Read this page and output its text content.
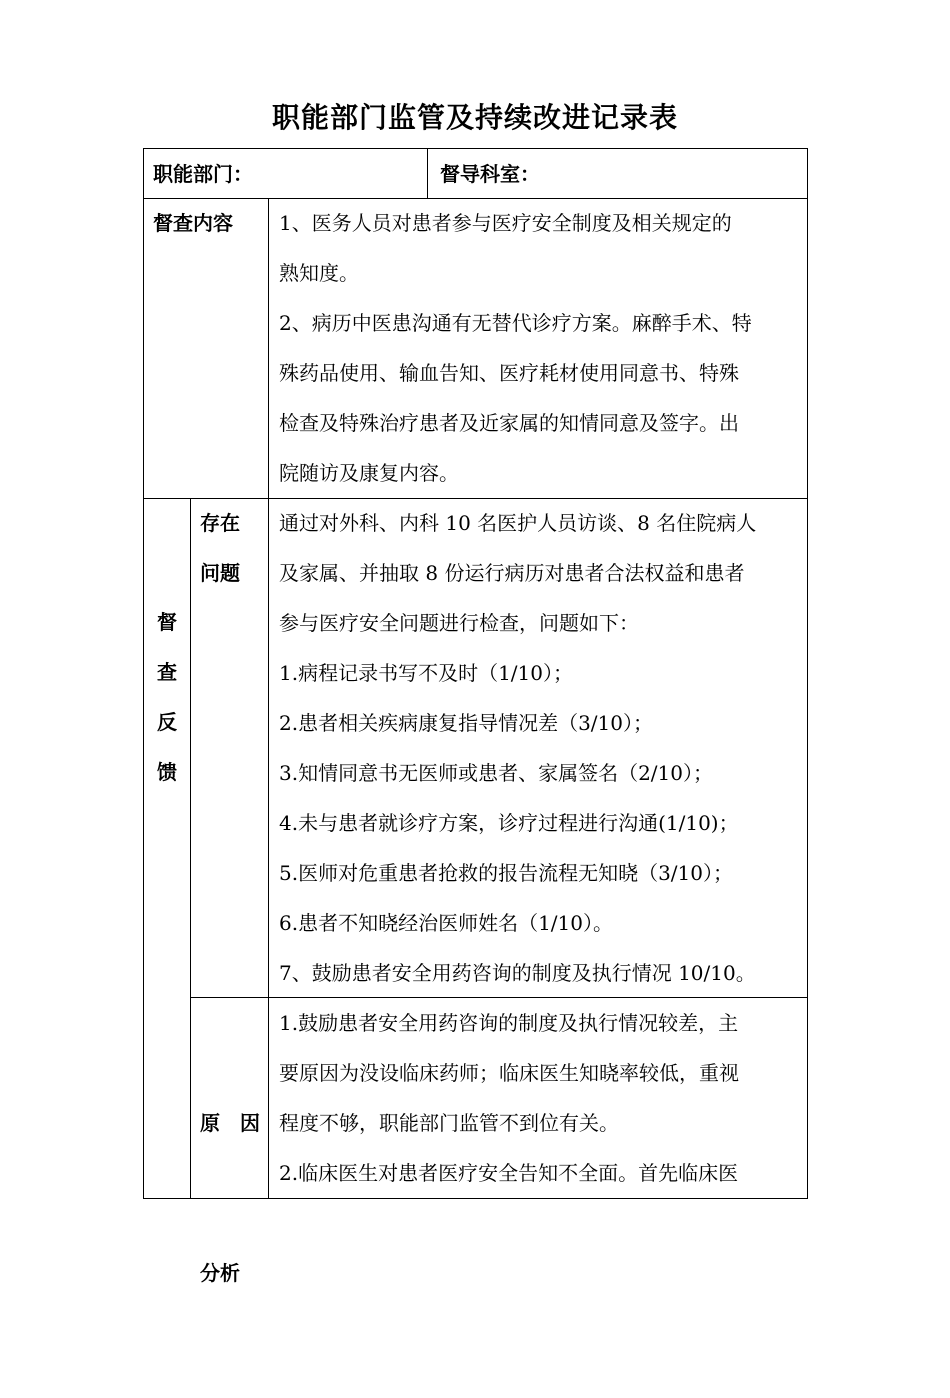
职能部门监管及持续改进记录表
职能部门：	督导科室：
督查内容 1、医务人员对患者参与医疗安全制度及相关规定的

熟知度。

2、病历中医患沟通有无替代诊疗方案。麻醉手术、特

殊药品使用、输血告知、医疗耗材使用同意书、特殊

检查及特殊治疗患者及近家属的知情同意及签字。出

院随访及康复内容。

督
查
反
馈
存在
问题

通过对外科、内科 10 名医护人员访谈、8 名住院病人

及家属、并抽取 8 份运行病历对患者合法权益和患者

参与医疗安全问题进行检查，问题如下：

1.病程记录书写不及时（1/10）；

2.患者相关疾病康复指导情况差（3/10）；

3.知情同意书无医师或患者、家属签名（2/10）；

4.未与患者就诊疗方案，诊疗过程进行沟通(1/10)；

5.医师对危重患者抢救的报告流程无知晓（3/10）；

6.患者不知晓经治医师姓名（1/10）。

7、鼓励患者安全用药咨询的制度及执行情况 10/10。

原　因

分析

1.鼓励患者安全用药咨询的制度及执行情况较差，主

要原因为没设临床药师；临床医生知晓率较低，重视

程度不够，职能部门监管不到位有关。

2.临床医生对患者医疗安全告知不全面。首先临床医
